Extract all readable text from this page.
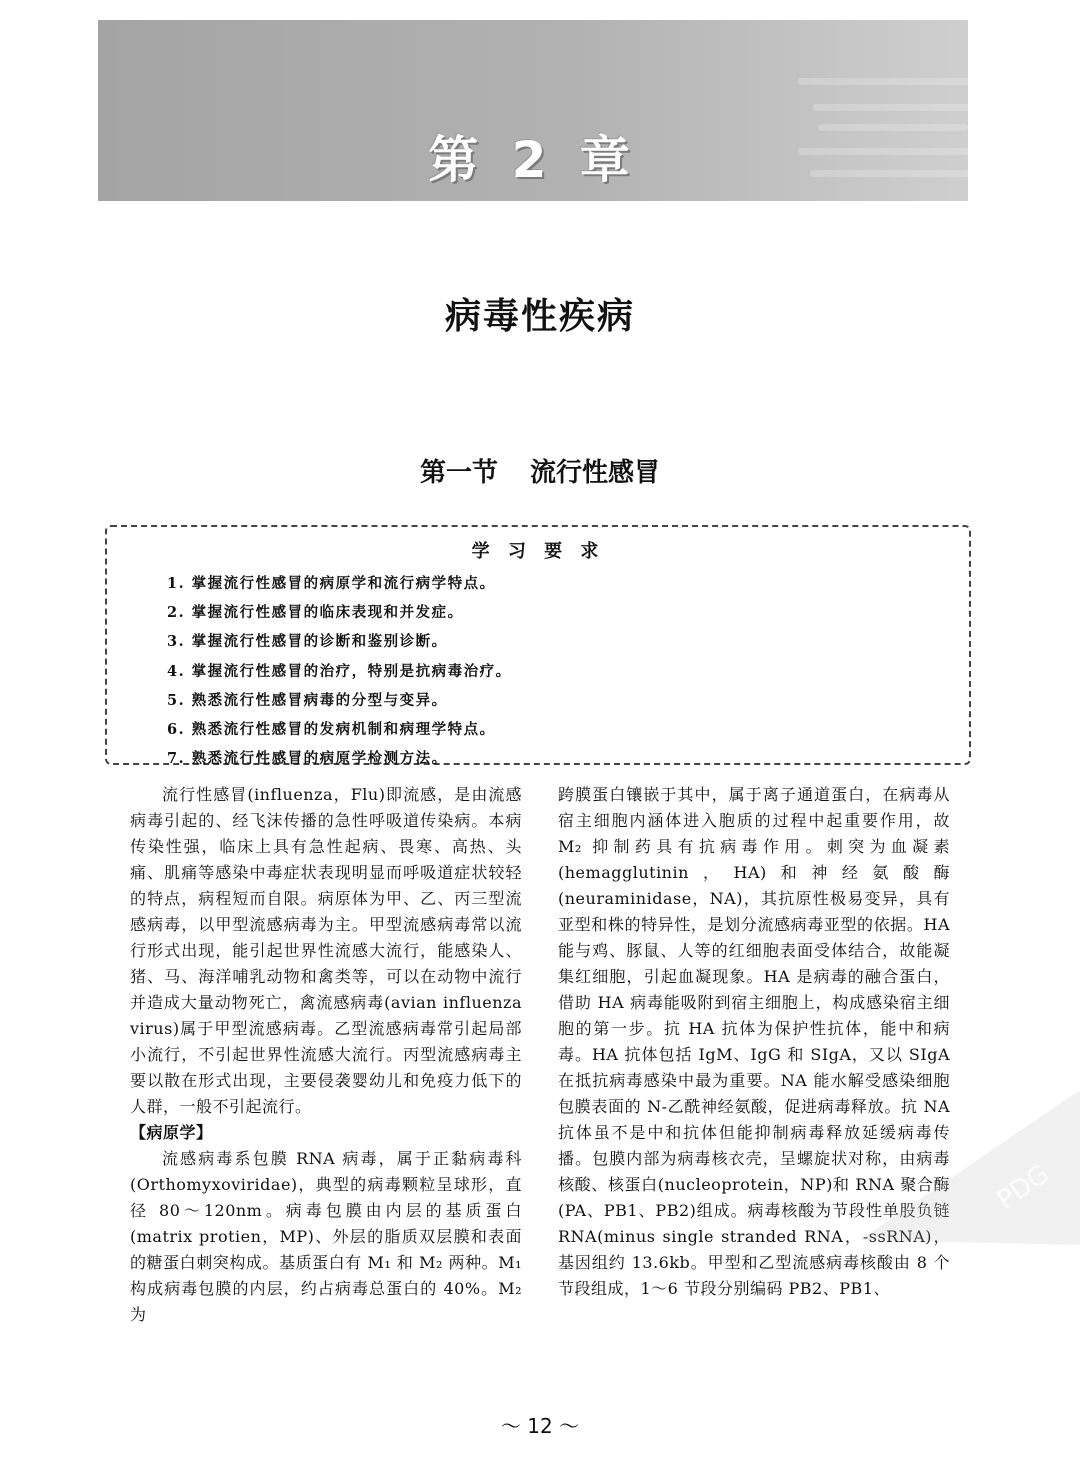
第 2 章
病毒性疾病
第一节 流行性感冒
学 习 要 求
1. 掌握流行性感冒的病原学和流行病学特点。
2. 掌握流行性感冒的临床表现和并发症。
3. 掌握流行性感冒的诊断和鉴别诊断。
4. 掌握流行性感冒的治疗，特别是抗病毒治疗。
5. 熟悉流行性感冒病毒的分型与变异。
6. 熟悉流行性感冒的发病机制和病理学特点。
7. 熟悉流行性感冒的病原学检测方法。

流行性感冒(influenza，Flu)即流感，是由流感病毒引起的、经飞沫传播的急性呼吸道传染病。本病传染性强，临床上具有急性起病、畏寒、高热、头痛、肌痛等感染中毒症状表现明显而呼吸道症状较轻的特点，病程短而自限。病原体为甲、乙、丙三型流感病毒，以甲型流感病毒为主。甲型流感病毒常以流行形式出现，能引起世界性流感大流行，能感染人、猪、马、海洋哺乳动物和禽类等，可以在动物中流行并造成大量动物死亡，禽流感病毒(avian influenza virus)属于甲型流感病毒。乙型流感病毒常引起局部小流行，不引起世界性流感大流行。丙型流感病毒主要以散在形式出现，主要侵袭婴幼儿和免疫力低下的人群，一般不引起流行。

【病原学】

流感病毒系包膜 RNA 病毒，属于正黏病毒科(Orthomyxoviridae)，典型的病毒颗粒呈球形，直径 80～120nm。病毒包膜由内层的基质蛋白(matrix protien，MP)、外层的脂质双层膜和表面的糖蛋白刺突构成。基质蛋白有 M₁ 和 M₂ 两种。M₁ 构成病毒包膜的内层，约占病毒总蛋白的 40%。M₂ 为

跨膜蛋白镶嵌于其中，属于离子通道蛋白，在病毒从宿主细胞内涵体进入胞质的过程中起重要作用，故 M₂ 抑制药具有抗病毒作用。刺突为血凝素(hemagglutinin，HA)和神经氨酸酶(neuraminidase，NA)，其抗原性极易变异，具有亚型和株的特异性，是划分流感病毒亚型的依据。HA 能与鸡、豚鼠、人等的红细胞表面受体结合，故能凝集红细胞，引起血凝现象。HA 是病毒的融合蛋白，借助 HA 病毒能吸附到宿主细胞上，构成感染宿主细胞的第一步。抗 HA 抗体为保护性抗体，能中和病毒。HA 抗体包括 IgM、IgG 和 SIgA，又以 SIgA 在抵抗病毒感染中最为重要。NA 能水解受感染细胞包膜表面的 N-乙酰神经氨酸，促进病毒释放。抗 NA 抗体虽不是中和抗体但能抑制病毒释放延缓病毒传播。包膜内部为病毒核衣壳，呈螺旋状对称，由病毒核酸、核蛋白(nucleoprotein，NP)和 RNA 聚合酶(PA、PB1、PB2)组成。病毒核酸为节段性单股负链 RNA(minus single stranded RNA，-ssRNA)，基因组约 13.6kb。甲型和乙型流感病毒核酸由 8 个节段组成，1～6 节段分别编码 PB2、PB1、

PDG
～ 12 ～
